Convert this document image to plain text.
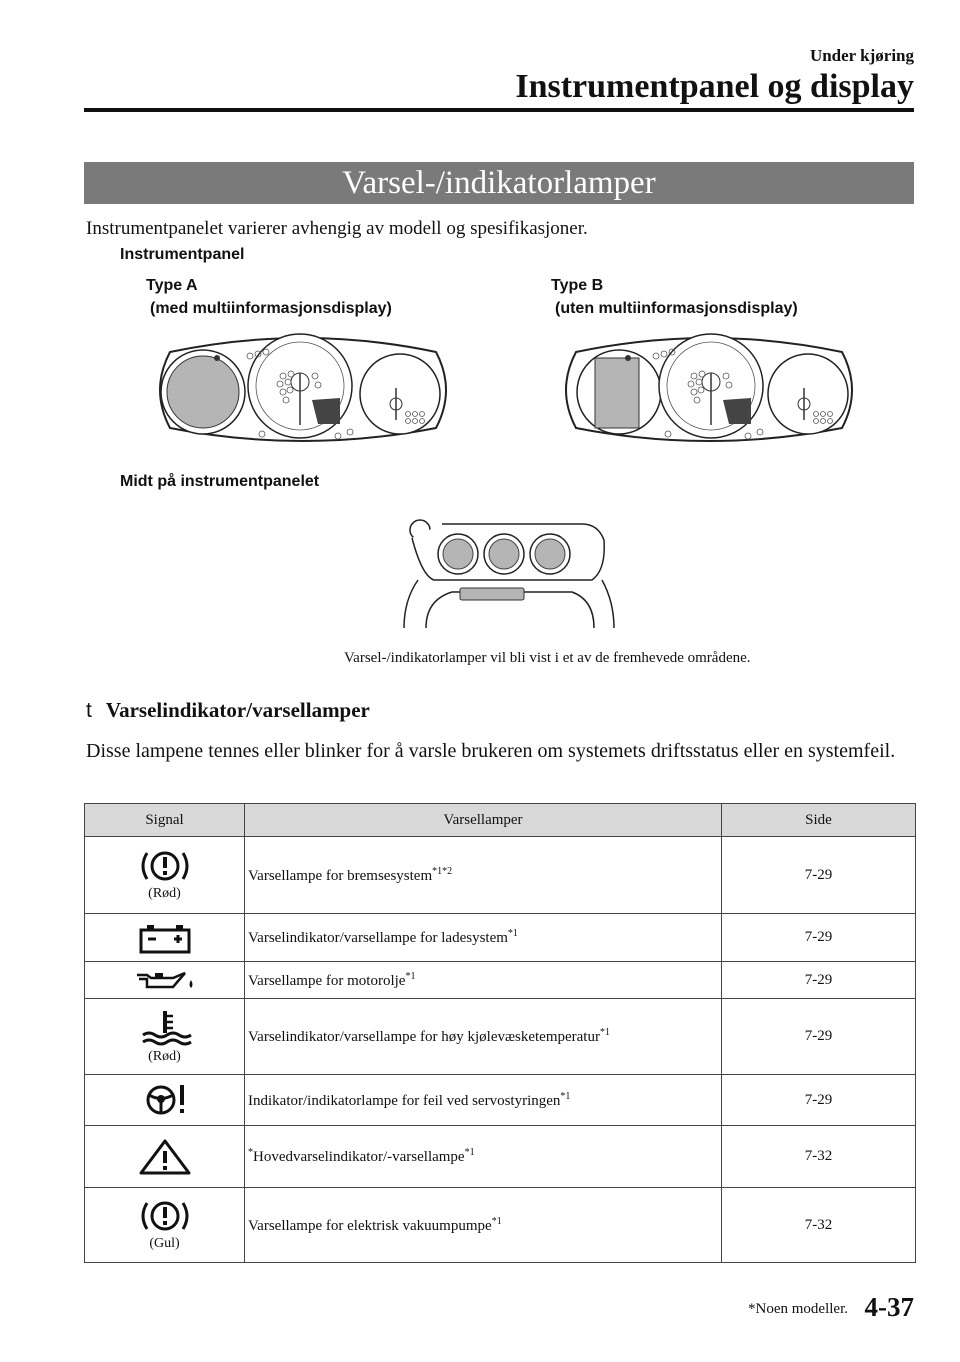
Under kjøring
Instrumentpanel og display
Varsel-/indikatorlamper
Instrumentpanelet varierer avhengig av modell og spesifikasjoner.
Instrumentpanel
Type A
(med multiinformasjonsdisplay)
Type B
(uten multiinformasjonsdisplay)
Midt på instrumentpanelet
Varsel-/indikatorlamper vil bli vist i et av de fremhevede områdene.
t Varselindikator/varsellamper
Disse lampene tennes eller blinker for å varsle brukeren om systemets driftsstatus eller en systemfeil.
Signal	Varsellamper	Side

(Rød)	Varsellampe for bremsesystem$^{*1*2}$	7-29

	Varselindikator/varsellampe for ladesystem$^{*1}$	7-29

	Varsellampe for motorolje$^{*1}$	7-29

(Rød)	Varselindikator/varsellampe for høy kjølevæsketemperatur$^{*1}$	7-29

	Indikator/indikatorlampe for feil ved servostyringen$^{*1}$	7-29

	*Hovedvarselindikator/-varsellampe$^{*1}$	7-32

(Gul)	Varsellampe for elektrisk vakuumpumpe$^{*1}$	7-32
*Noen modeller. 4-37
